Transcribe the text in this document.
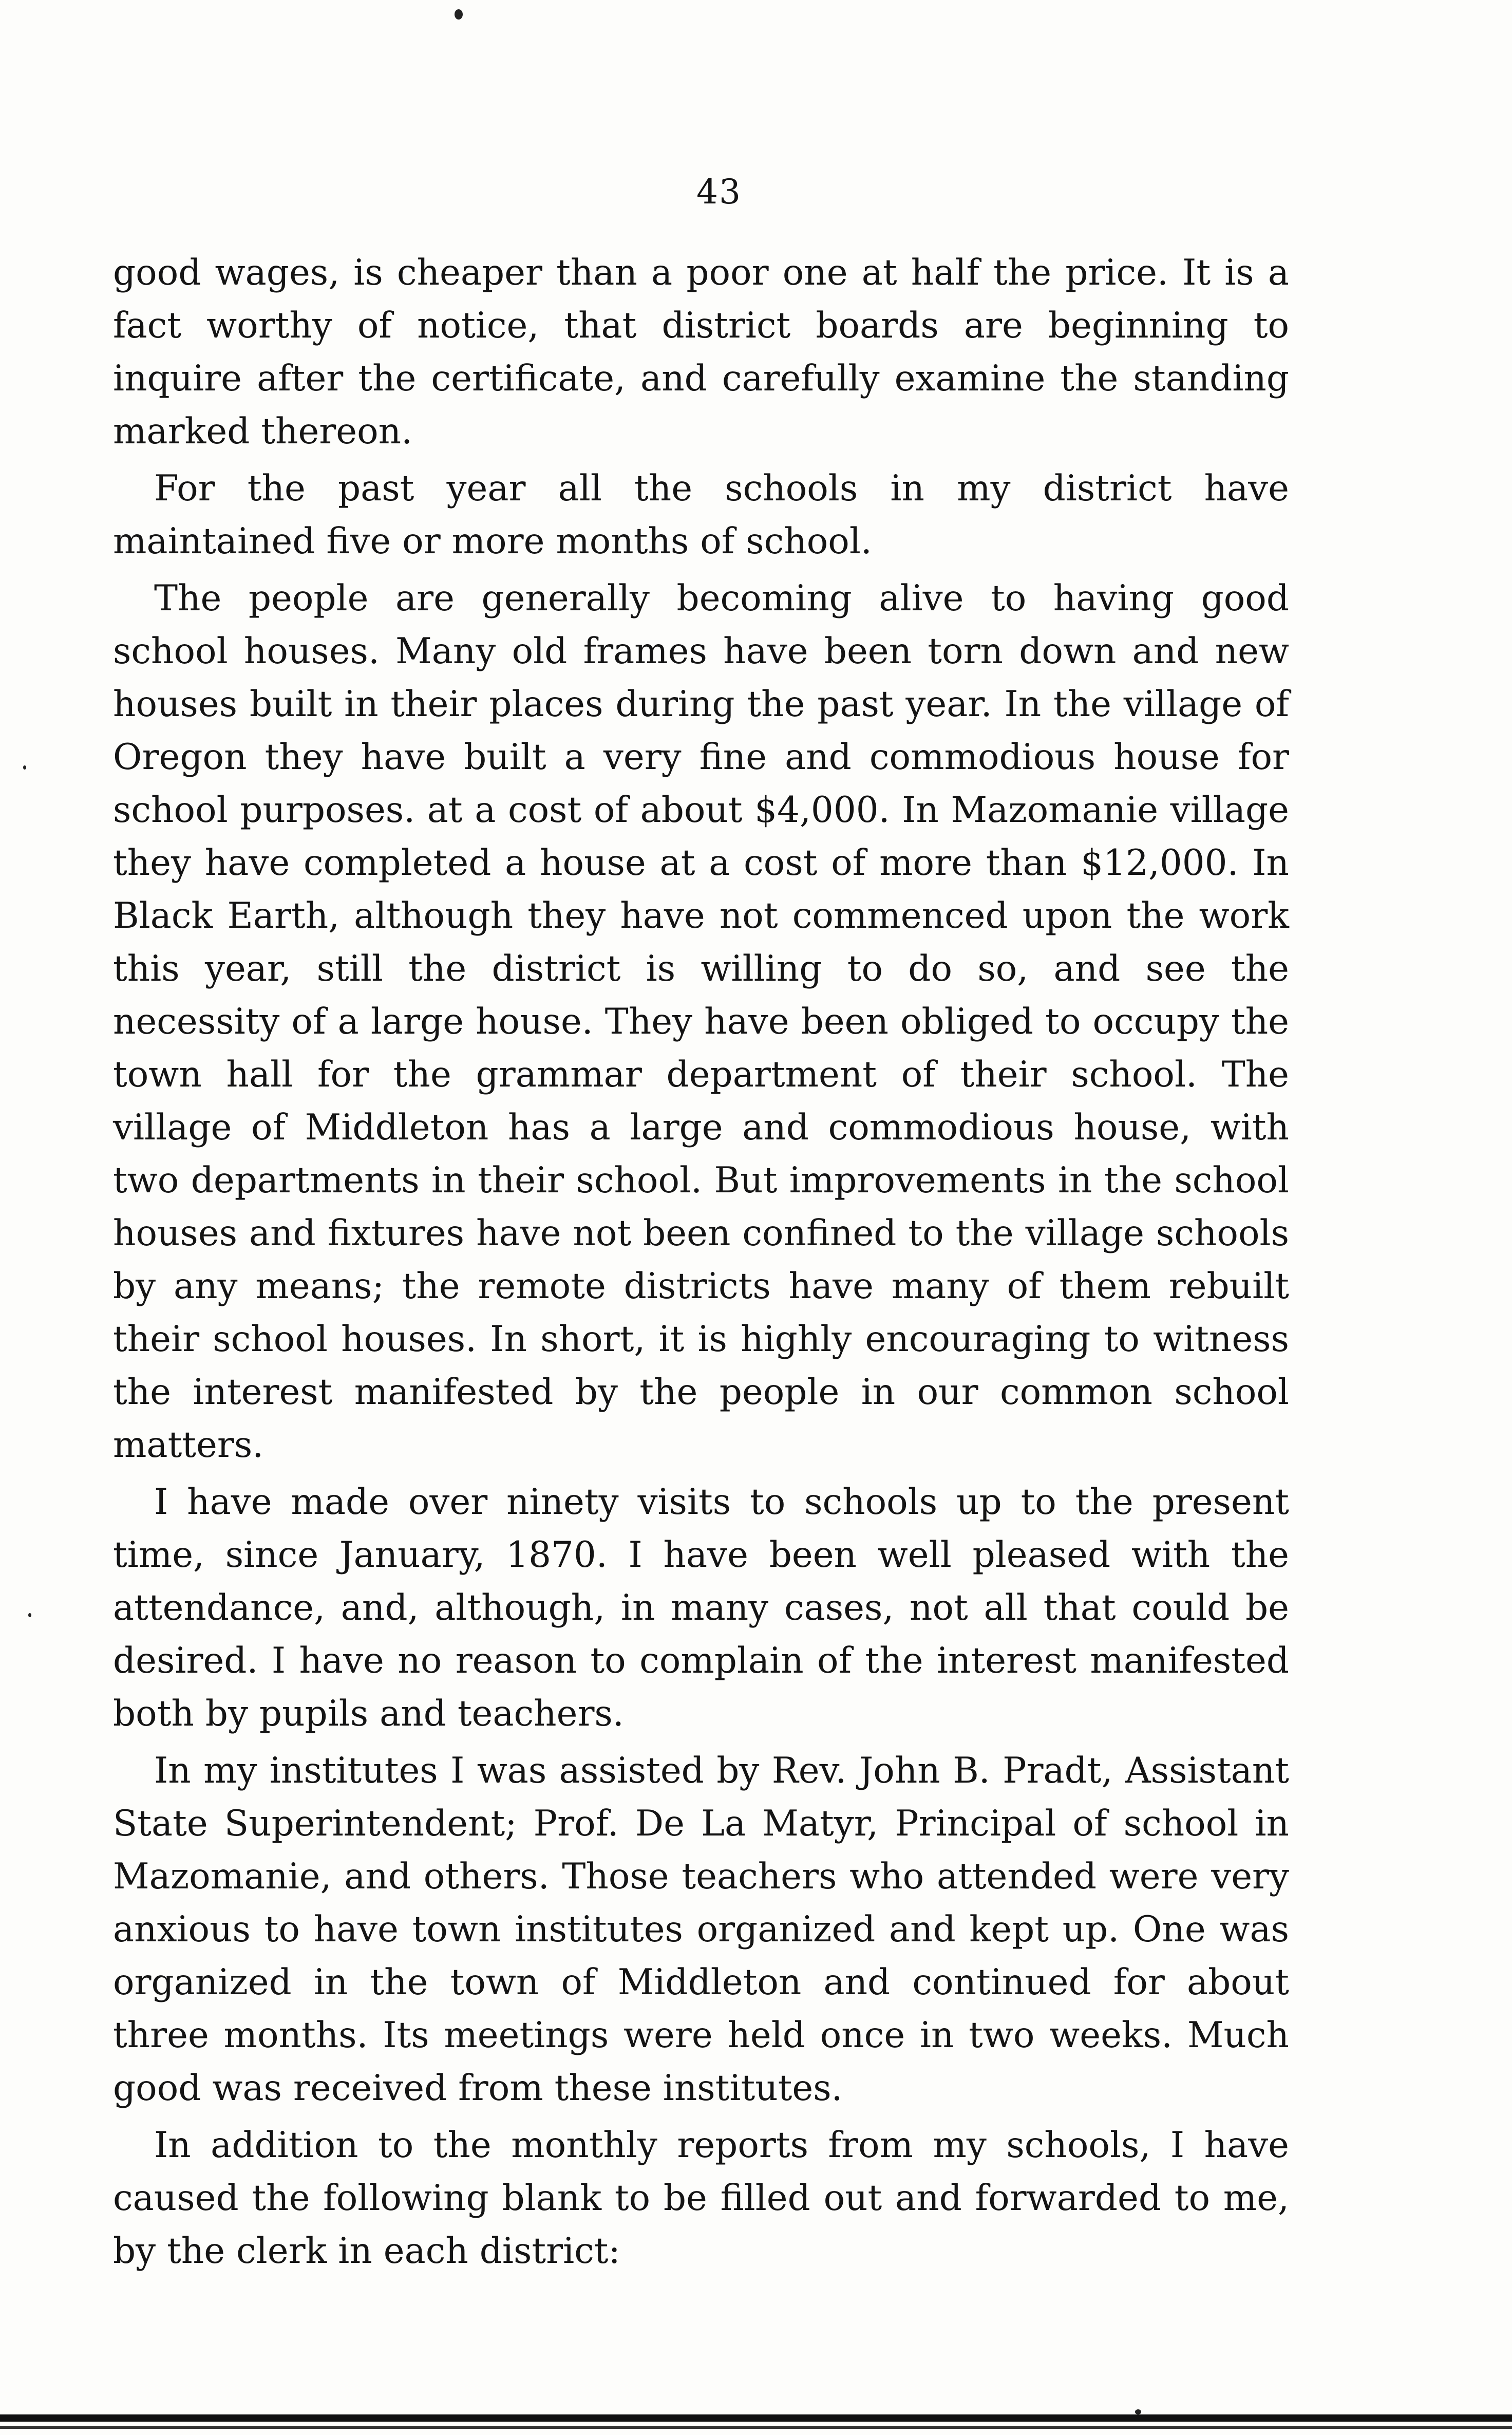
43

good wages, is cheaper than a poor one at half the price. It is a fact worthy of notice, that district boards are beginning to inquire after the certificate, and carefully examine the standing marked thereon.

For the past year all the schools in my district have maintained five or more months of school.

The people are generally becoming alive to having good school houses. Many old frames have been torn down and new houses built in their places during the past year. In the village of Oregon they have built a very fine and commodious house for school purposes. at a cost of about $4,000. In Mazomanie village they have completed a house at a cost of more than $12,000. In Black Earth, although they have not commenced upon the work this year, still the district is willing to do so, and see the necessity of a large house. They have been obliged to occupy the town hall for the grammar department of their school. The village of Middleton has a large and commodious house, with two departments in their school. But improvements in the school houses and fixtures have not been confined to the village schools by any means; the remote districts have many of them rebuilt their school houses. In short, it is highly encouraging to witness the interest manifested by the people in our common school matters.

I have made over ninety visits to schools up to the present time, since January, 1870. I have been well pleased with the attendance, and, although, in many cases, not all that could be desired. I have no reason to complain of the interest manifested both by pupils and teachers.

In my institutes I was assisted by Rev. John B. Pradt, Assistant State Superintendent; Prof. De La Matyr, Principal of school in Mazomanie, and others. Those teachers who attended were very anxious to have town institutes organized and kept up. One was organized in the town of Middleton and continued for about three months. Its meetings were held once in two weeks. Much good was received from these institutes.

In addition to the monthly reports from my schools, I have caused the following blank to be filled out and forwarded to me, by the clerk in each district:
